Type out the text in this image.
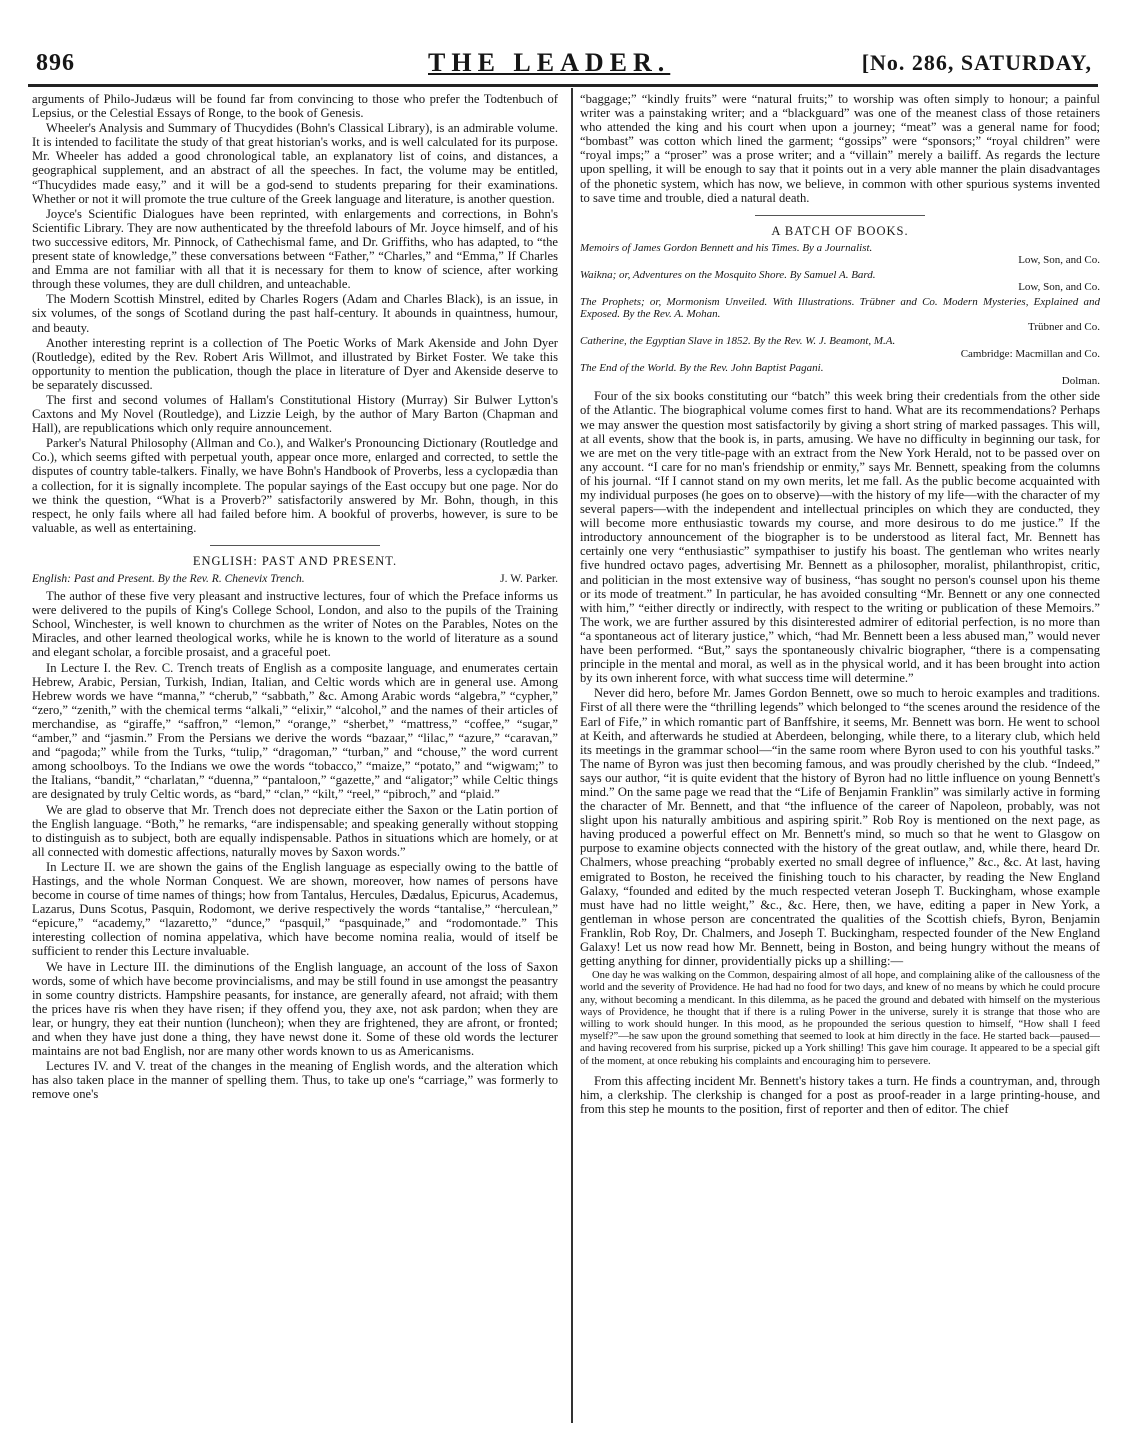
896	THE LEADER.	[No. 286, SATURDAY,

arguments of Philo-Judæus will be found far from convincing to those who prefer the Todtenbuch of Lepsius, or the Celestial Essays of Ronge, to the book of Genesis.

Wheeler's Analysis and Summary of Thucydides (Bohn's Classical Library), is an admirable volume. It is intended to facilitate the study of that great historian's works, and is well calculated for its purpose. Mr. Wheeler has added a good chronological table, an explanatory list of coins, and distances, a geographical supplement, and an abstract of all the speeches. In fact, the volume may be entitled, “Thucydides made easy,” and it will be a god-send to students preparing for their examinations. Whether or not it will promote the true culture of the Greek language and literature, is another question.

Joyce's Scientific Dialogues have been reprinted, with enlargements and corrections, in Bohn's Scientific Library. They are now authenticated by the threefold labours of Mr. Joyce himself, and of his two successive editors, Mr. Pinnock, of Cathechismal fame, and Dr. Griffiths, who has adapted, to “the present state of knowledge,” these conversations between “Father,” “Charles,” and “Emma,” If Charles and Emma are not familiar with all that it is necessary for them to know of science, after working through these volumes, they are dull children, and unteachable.

The Modern Scottish Minstrel, edited by Charles Rogers (Adam and Charles Black), is an issue, in six volumes, of the songs of Scotland during the past half-century. It abounds in quaintness, humour, and beauty.

Another interesting reprint is a collection of The Poetic Works of Mark Akenside and John Dyer (Routledge), edited by the Rev. Robert Aris Willmot, and illustrated by Birket Foster. We take this opportunity to mention the publication, though the place in literature of Dyer and Akenside deserve to be separately discussed.

The first and second volumes of Hallam's Constitutional History (Murray) Sir Bulwer Lytton's Caxtons and My Novel (Routledge), and Lizzie Leigh, by the author of Mary Barton (Chapman and Hall), are republications which only require announcement.

Parker's Natural Philosophy (Allman and Co.), and Walker's Pronouncing Dictionary (Routledge and Co.), which seems gifted with perpetual youth, appear once more, enlarged and corrected, to settle the disputes of country table-talkers. Finally, we have Bohn's Handbook of Proverbs, less a cyclopædia than a collection, for it is signally incomplete. The popular sayings of the East occupy but one page. Nor do we think the question, “What is a Proverb?” satisfactorily answered by Mr. Bohn, though, in this respect, he only fails where all had failed before him. A bookful of proverbs, however, is sure to be valuable, as well as entertaining.

ENGLISH: PAST AND PRESENT.
English: Past and Present. By the Rev. R. Chenevix Trench.	J. W. Parker.

The author of these five very pleasant and instructive lectures, four of which the Preface informs us were delivered to the pupils of King's College School, London, and also to the pupils of the Training School, Winchester, is well known to churchmen as the writer of Notes on the Parables, Notes on the Miracles, and other learned theological works, while he is known to the world of literature as a sound and elegant scholar, a forcible prosaist, and a graceful poet.

In Lecture I. the Rev. C. Trench treats of English as a composite language, and enumerates certain Hebrew, Arabic, Persian, Turkish, Indian, Italian, and Celtic words which are in general use. Among Hebrew words we have “manna,” “cherub,” “sabbath,” &c. Among Arabic words “algebra,” “cypher,” “zero,” “zenith,” with the chemical terms “alkali,” “elixir,” “alcohol,” and the names of their articles of merchandise, as “giraffe,” “saffron,” “lemon,” “orange,” “sherbet,” “mattress,” “coffee,” “sugar,” “amber,” and “jasmin.” From the Persians we derive the words “bazaar,” “lilac,” “azure,” “caravan,” and “pagoda;” while from the Turks, “tulip,” “dragoman,” “turban,” and “chouse,” the word current among schoolboys. To the Indians we owe the words “tobacco,” “maize,” “potato,” and “wigwam;” to the Italians, “bandit,” “charlatan,” “duenna,” “pantaloon,” “gazette,” and “aligator;” while Celtic things are designated by truly Celtic words, as “bard,” “clan,” “kilt,” “reel,” “pibroch,” and “plaid.”

We are glad to observe that Mr. Trench does not depreciate either the Saxon or the Latin portion of the English language. “Both,” he remarks, “are indispensable; and speaking generally without stopping to distinguish as to subject, both are equally indispensable. Pathos in situations which are homely, or at all connected with domestic affections, naturally moves by Saxon words.”

In Lecture II. we are shown the gains of the English language as especially owing to the battle of Hastings, and the whole Norman Conquest. We are shown, moreover, how names of persons have become in course of time names of things; how from Tantalus, Hercules, Dædalus, Epicurus, Academus, Lazarus, Duns Scotus, Pasquin, Rodomont, we derive respectively the words “tantalise,” “herculean,” “epicure,” “academy,” “lazaretto,” “dunce,” “pasquil,” “pasquinade,” and “rodomontade.” This interesting collection of nomina appelativa, which have become nomina realia, would of itself be sufficient to render this Lecture invaluable.

We have in Lecture III. the diminutions of the English language, an account of the loss of Saxon words, some of which have become provincialisms, and may be still found in use amongst the peasantry in some country districts. Hampshire peasants, for instance, are generally afeard, not afraid; with them the prices have ris when they have risen; if they offend you, they axe, not ask pardon; when they are lear, or hungry, they eat their nuntion (luncheon); when they are frightened, they are afront, or fronted; and when they have just done a thing, they have newst done it. Some of these old words the lecturer maintains are not bad English, nor are many other words known to us as Americanisms.

Lectures IV. and V. treat of the changes in the meaning of English words, and the alteration which has also taken place in the manner of spelling them. Thus, to take up one's “carriage,” was formerly to remove one's

“baggage;” “kindly fruits” were “natural fruits;” to worship was often simply to honour; a painful writer was a painstaking writer; and a “blackguard” was one of the meanest class of those retainers who attended the king and his court when upon a journey; “meat” was a general name for food; “bombast” was cotton which lined the garment; “gossips” were “sponsors;” “royal children” were “royal imps;” a “proser” was a prose writer; and a “villain” merely a bailiff. As regards the lecture upon spelling, it will be enough to say that it points out in a very able manner the plain disadvantages of the phonetic system, which has now, we believe, in common with other spurious systems invented to save time and trouble, died a natural death.

A BATCH OF BOOKS.
Memoirs of James Gordon Bennett and his Times. By a Journalist.
Low, Son, and Co.
Waikna; or, Adventures on the Mosquito Shore. By Samuel A. Bard.
Low, Son, and Co.
The Prophets; or, Mormonism Unveiled. With Illustrations. Trübner and Co. Modern Mysteries, Explained and Exposed. By the Rev. A. Mohan.
Trübner and Co.
Catherine, the Egyptian Slave in 1852. By the Rev. W. J. Beamont, M.A.
Cambridge: Macmillan and Co.
The End of the World. By the Rev. John Baptist Pagani.
Dolman.

Four of the six books constituting our “batch” this week bring their credentials from the other side of the Atlantic. The biographical volume comes first to hand. What are its recommendations? Perhaps we may answer the question most satisfactorily by giving a short string of marked passages. This will, at all events, show that the book is, in parts, amusing. We have no difficulty in beginning our task, for we are met on the very title-page with an extract from the New York Herald, not to be passed over on any account. “I care for no man's friendship or enmity,” says Mr. Bennett, speaking from the columns of his journal. “If I cannot stand on my own merits, let me fall. As the public become acquainted with my individual purposes (he goes on to observe)—with the history of my life—with the character of my several papers—with the independent and intellectual principles on which they are conducted, they will become more enthusiastic towards my course, and more desirous to do me justice.” If the introductory announcement of the biographer is to be understood as literal fact, Mr. Bennett has certainly one very “enthusiastic” sympathiser to justify his boast. The gentleman who writes nearly five hundred octavo pages, advertising Mr. Bennett as a philosopher, moralist, philanthropist, critic, and politician in the most extensive way of business, “has sought no person's counsel upon his theme or its mode of treatment.” In particular, he has avoided consulting “Mr. Bennett or any one connected with him,” “either directly or indirectly, with respect to the writing or publication of these Memoirs.” The work, we are further assured by this disinterested admirer of editorial perfection, is no more than “a spontaneous act of literary justice,” which, “had Mr. Bennett been a less abused man,” would never have been performed. “But,” says the spontaneously chivalric biographer, “there is a compensating principle in the mental and moral, as well as in the physical world, and it has been brought into action by its own inherent force, with what success time will determine.”

Never did hero, before Mr. James Gordon Bennett, owe so much to heroic examples and traditions. First of all there were the “thrilling legends” which belonged to “the scenes around the residence of the Earl of Fife,” in which romantic part of Banffshire, it seems, Mr. Bennett was born. He went to school at Keith, and afterwards he studied at Aberdeen, belonging, while there, to a literary club, which held its meetings in the grammar school—“in the same room where Byron used to con his youthful tasks.” The name of Byron was just then becoming famous, and was proudly cherished by the club. “Indeed,” says our author, “it is quite evident that the history of Byron had no little influence on young Bennett's mind.” On the same page we read that the “Life of Benjamin Franklin” was similarly active in forming the character of Mr. Bennett, and that “the influence of the career of Napoleon, probably, was not slight upon his naturally ambitious and aspiring spirit.” Rob Roy is mentioned on the next page, as having produced a powerful effect on Mr. Bennett's mind, so much so that he went to Glasgow on purpose to examine objects connected with the history of the great outlaw, and, while there, heard Dr. Chalmers, whose preaching “probably exerted no small degree of influence,” &c., &c. At last, having emigrated to Boston, he received the finishing touch to his character, by reading the New England Galaxy, “founded and edited by the much respected veteran Joseph T. Buckingham, whose example must have had no little weight,” &c., &c. Here, then, we have, editing a paper in New York, a gentleman in whose person are concentrated the qualities of the Scottish chiefs, Byron, Benjamin Franklin, Rob Roy, Dr. Chalmers, and Joseph T. Buckingham, respected founder of the New England Galaxy! Let us now read how Mr. Bennett, being in Boston, and being hungry without the means of getting anything for dinner, providentially picks up a shilling:—

One day he was walking on the Common, despairing almost of all hope, and complaining alike of the callousness of the world and the severity of Providence. He had had no food for two days, and knew of no means by which he could procure any, without becoming a mendicant. In this dilemma, as he paced the ground and debated with himself on the mysterious ways of Providence, he thought that if there is a ruling Power in the universe, surely it is strange that those who are willing to work should hunger. In this mood, as he propounded the serious question to himself, “How shall I feed myself?”—he saw upon the ground something that seemed to look at him directly in the face. He started back—paused—and having recovered from his surprise, picked up a York shilling! This gave him courage. It appeared to be a special gift of the moment, at once rebuking his complaints and encouraging him to persevere.

From this affecting incident Mr. Bennett's history takes a turn. He finds a countryman, and, through him, a clerkship. The clerkship is changed for a post as proof-reader in a large printing-house, and from this step he mounts to the position, first of reporter and then of editor. The chief
